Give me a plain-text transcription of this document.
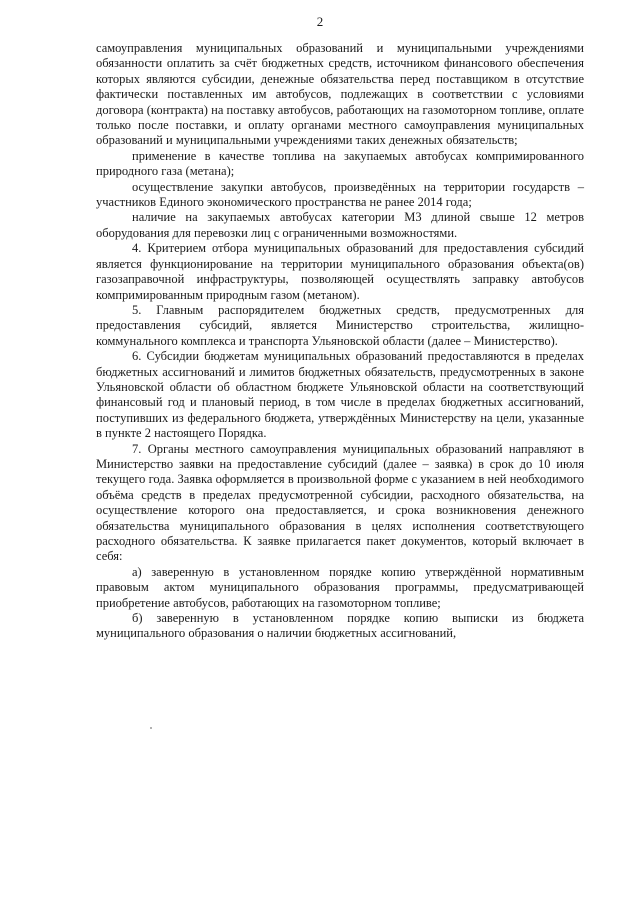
2

самоуправления муниципальных образований и муниципальными учреждениями обязанности оплатить за счёт бюджетных средств, источником финансового обеспечения которых являются субсидии, денежные обязательства перед поставщиком в отсутствие фактически поставленных им автобусов, подлежащих в соответствии с условиями договора (контракта) на поставку автобусов, работающих на газомоторном топливе, оплате только после поставки, и оплату органами местного самоуправления муниципальных образований и муниципальными учреждениями таких денежных обязательств;

применение в качестве топлива на закупаемых автобусах компримированного природного газа (метана);

осуществление закупки автобусов, произведённых на территории государств – участников Единого экономического пространства не ранее 2014 года;

наличие на закупаемых автобусах категории М3 длиной свыше 12 метров оборудования для перевозки лиц с ограниченными возможностями.

4. Критерием отбора муниципальных образований для предоставления субсидий является функционирование на территории муниципального образования объекта(ов) газозаправочной инфраструктуры, позволяющей осуществлять заправку автобусов компримированным природным газом (метаном).

5. Главным распорядителем бюджетных средств, предусмотренных для предоставления субсидий, является Министерство строительства, жилищно-коммунального комплекса и транспорта Ульяновской области (далее – Министерство).

6. Субсидии бюджетам муниципальных образований предоставляются в пределах бюджетных ассигнований и лимитов бюджетных обязательств, предусмотренных в законе Ульяновской области об областном бюджете Ульяновской области на соответствующий финансовый год и плановый период, в том числе в пределах бюджетных ассигнований, поступивших из федерального бюджета, утверждённых Министерству на цели, указанные в пункте 2 настоящего Порядка.

7. Органы местного самоуправления муниципальных образований направляют в Министерство заявки на предоставление субсидий (далее – заявка) в срок до 10 июля текущего года. Заявка оформляется в произвольной форме с указанием в ней необходимого объёма средств в пределах предусмотренной субсидии, расходного обязательства, на осуществление которого она предоставляется, и срока возникновения денежного обязательства муниципального образования в целях исполнения соответствующего расходного обязательства. К заявке прилагается пакет документов, который включает в себя:

а) заверенную в установленном порядке копию утверждённой нормативным правовым актом муниципального образования программы, предусматривающей приобретение автобусов, работающих на газомоторном топливе;

б) заверенную в установленном порядке копию выписки из бюджета муниципального образования о наличии бюджетных ассигнований,
